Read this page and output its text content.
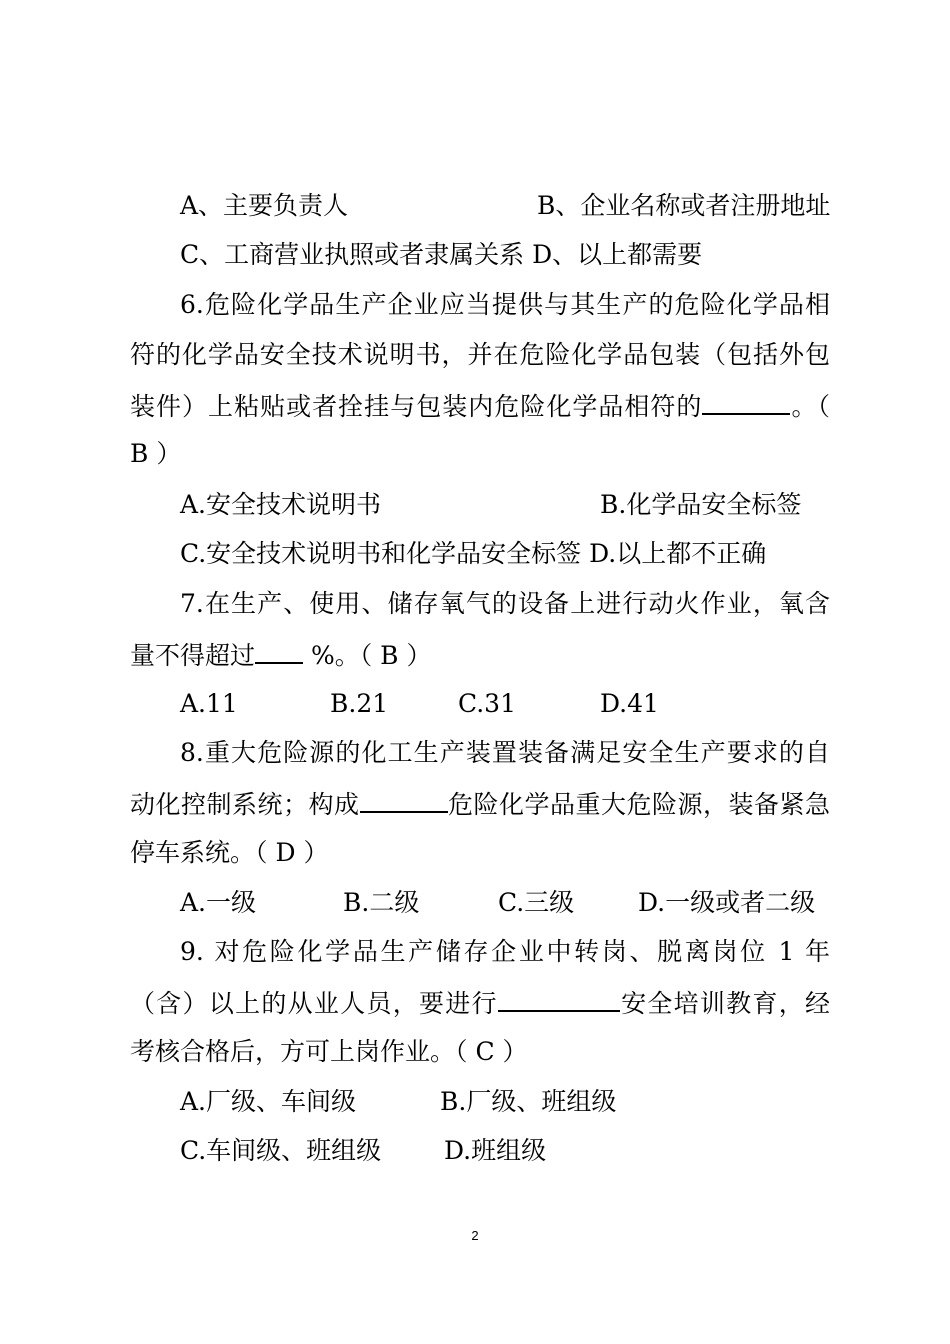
A、主要负责人	B、企业名称或者注册地址
C、工商营业执照或者隶属关系 D、以上都需要
6.危险化学品生产企业应当提供与其生产的危险化学品相
符的化学品安全技术说明书，并在危险化学品包装（包括外包
装件）上粘贴或者拴挂与包装内危险化学品相符的	。（
B ）
A.安全技术说明书	B.化学品安全标签
C.安全技术说明书和化学品安全标签 D.以上都不正确
7.在生产、使用、储存氧气的设备上进行动火作业，氧含
量不得超过 %。（ B ）
A.11	B.21	C.31	D.41
8.重大危险源的化工生产装置装备满足安全生产要求的自
动化控制系统；构成	危险化学品重大危险源，装备紧急
停车系统。（ D ）
A.一级	B.二级	C.三级	D.一级或者二级
9. 对危险化学品生产储存企业中转岗、脱离岗位 1 年
（含）以上的从业人员，要进行	安全培训教育，经
考核合格后，方可上岗作业。（ C ）
A.厂级、车间级	B.厂级、班组级
C.车间级、班组级	D.班组级
2
